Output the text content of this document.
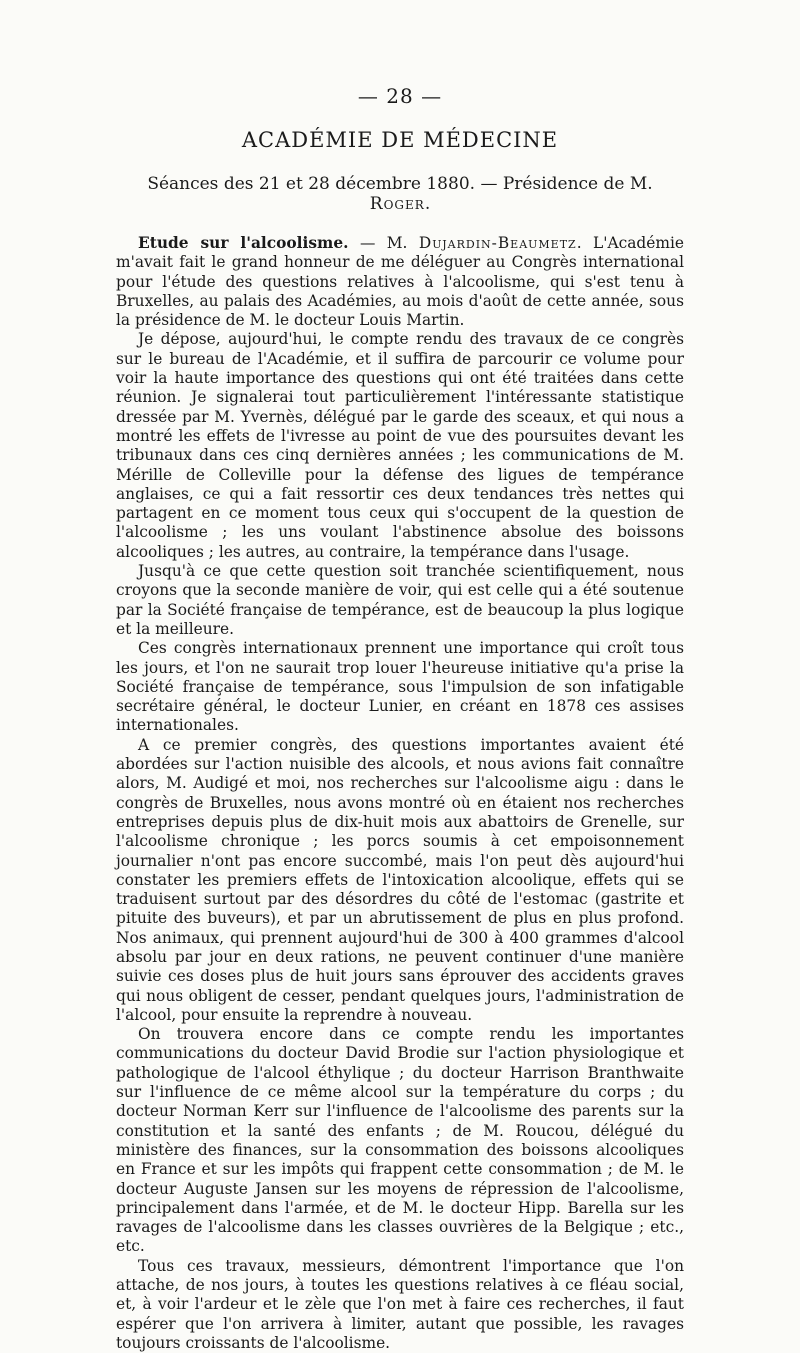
— 28 —
ACADÉMIE DE MÉDECINE
Séances des 21 et 28 décembre 1880. — Présidence de M. Roger.

Etude sur l'alcoolisme. — M. Dujardin-Beaumetz. L'Académie m'avait fait le grand honneur de me déléguer au Congrès international pour l'étude des questions relatives à l'alcoolisme, qui s'est tenu à Bruxelles, au palais des Académies, au mois d'août de cette année, sous la présidence de M. le docteur Louis Martin.

Je dépose, aujourd'hui, le compte rendu des travaux de ce congrès sur le bureau de l'Académie, et il suffira de parcourir ce volume pour voir la haute importance des questions qui ont été traitées dans cette réunion. Je signalerai tout particulièrement l'intéressante statistique dressée par M. Yvernès, délégué par le garde des sceaux, et qui nous a montré les effets de l'ivresse au point de vue des poursuites devant les tribunaux dans ces cinq dernières années ; les communications de M. Mérille de Colleville pour la défense des ligues de tempérance anglaises, ce qui a fait ressortir ces deux tendances très nettes qui partagent en ce moment tous ceux qui s'occupent de la question de l'alcoolisme ; les uns voulant l'abstinence absolue des boissons alcooliques ; les autres, au contraire, la tempérance dans l'usage.

Jusqu'à ce que cette question soit tranchée scientifiquement, nous croyons que la seconde manière de voir, qui est celle qui a été soutenue par la Société française de tempérance, est de beaucoup la plus logique et la meilleure.

Ces congrès internationaux prennent une importance qui croît tous les jours, et l'on ne saurait trop louer l'heureuse initiative qu'a prise la Société française de tempérance, sous l'impulsion de son infatigable secrétaire général, le docteur Lunier, en créant en 1878 ces assises internationales.

A ce premier congrès, des questions importantes avaient été abordées sur l'action nuisible des alcools, et nous avions fait connaître alors, M. Audigé et moi, nos recherches sur l'alcoolisme aigu : dans le congrès de Bruxelles, nous avons montré où en étaient nos recherches entreprises depuis plus de dix-huit mois aux abattoirs de Grenelle, sur l'alcoolisme chronique ; les porcs soumis à cet empoisonnement journalier n'ont pas encore succombé, mais l'on peut dès aujourd'hui constater les premiers effets de l'intoxication alcoolique, effets qui se traduisent surtout par des désordres du côté de l'estomac (gastrite et pituite des buveurs), et par un abrutissement de plus en plus profond. Nos animaux, qui prennent aujourd'hui de 300 à 400 grammes d'alcool absolu par jour en deux rations, ne peuvent continuer d'une manière suivie ces doses plus de huit jours sans éprouver des accidents graves qui nous obligent de cesser, pendant quelques jours, l'administration de l'alcool, pour ensuite la reprendre à nouveau.

On trouvera encore dans ce compte rendu les importantes communications du docteur David Brodie sur l'action physiologique et pathologique de l'alcool éthylique ; du docteur Harrison Branthwaite sur l'influence de ce même alcool sur la température du corps ; du docteur Norman Kerr sur l'influence de l'alcoolisme des parents sur la constitution et la santé des enfants ; de M. Roucou, délégué du ministère des finances, sur la consommation des boissons alcooliques en France et sur les impôts qui frappent cette consommation ; de M. le docteur Auguste Jansen sur les moyens de répression de l'alcoolisme, principalement dans l'armée, et de M. le docteur Hipp. Barella sur les ravages de l'alcoolisme dans les classes ouvrières de la Belgique ; etc., etc.

Tous ces travaux, messieurs, démontrent l'importance que l'on attache, de nos jours, à toutes les questions relatives à ce fléau social, et, à voir l'ardeur et le zèle que l'on met à faire ces recherches, il faut espérer que l'on arrivera à limiter, autant que possible, les ravages toujours croissants de l'alcoolisme.
